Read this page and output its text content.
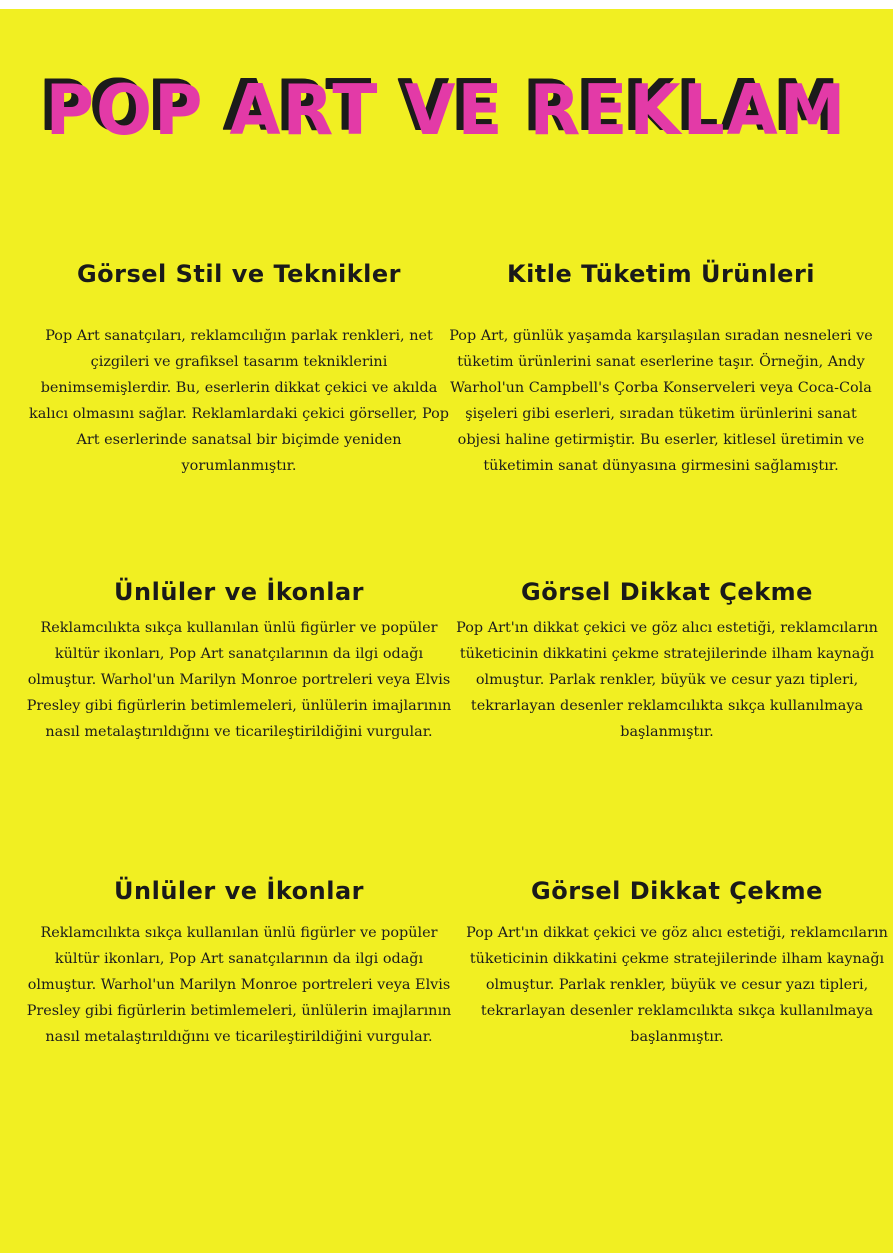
POP ART VE REKLAM
Görsel Stil ve Teknikler

Pop Art sanatçıları, reklamcılığın parlak renkleri, net çizgileri ve grafiksel tasarım tekniklerini benimsemişlerdir. Bu, eserlerin dikkat çekici ve akılda kalıcı olmasını sağlar. Reklamlardaki çekici görseller, Pop Art eserlerinde sanatsal bir biçimde yeniden yorumlanmıştır.

Kitle Tüketim Ürünleri

Pop Art, günlük yaşamda karşılaşılan sıradan nesneleri ve tüketim ürünlerini sanat eserlerine taşır. Örneğin, Andy Warhol'un Campbell's Çorba Konserveleri veya Coca-Cola şişeleri gibi eserleri, sıradan tüketim ürünlerini sanat objesi haline getirmiştir. Bu eserler, kitlesel üretimin ve tüketimin sanat dünyasına girmesini sağlamıştır.

Ünlüler ve İkonlar

Reklamcılıkta sıkça kullanılan ünlü figürler ve popüler kültür ikonları, Pop Art sanatçılarının da ilgi odağı olmuştur. Warhol'un Marilyn Monroe portreleri veya Elvis Presley gibi figürlerin betimlemeleri, ünlülerin imajlarının nasıl metalaştırıldığını ve ticarileştirildiğini vurgular.

Görsel Dikkat Çekme

Pop Art'ın dikkat çekici ve göz alıcı estetiği, reklamcıların tüketicinin dikkatini çekme stratejilerinde ilham kaynağı olmuştur. Parlak renkler, büyük ve cesur yazı tipleri, tekrarlayan desenler reklamcılıkta sıkça kullanılmaya başlanmıştır.

Ünlüler ve İkonlar

Reklamcılıkta sıkça kullanılan ünlü figürler ve popüler kültür ikonları, Pop Art sanatçılarının da ilgi odağı olmuştur. Warhol'un Marilyn Monroe portreleri veya Elvis Presley gibi figürlerin betimlemeleri, ünlülerin imajlarının nasıl metalaştırıldığını ve ticarileştirildiğini vurgular.

Görsel Dikkat Çekme

Pop Art'ın dikkat çekici ve göz alıcı estetiği, reklamcıların tüketicinin dikkatini çekme stratejilerinde ilham kaynağı olmuştur. Parlak renkler, büyük ve cesur yazı tipleri, tekrarlayan desenler reklamcılıkta sıkça kullanılmaya başlanmıştır.
